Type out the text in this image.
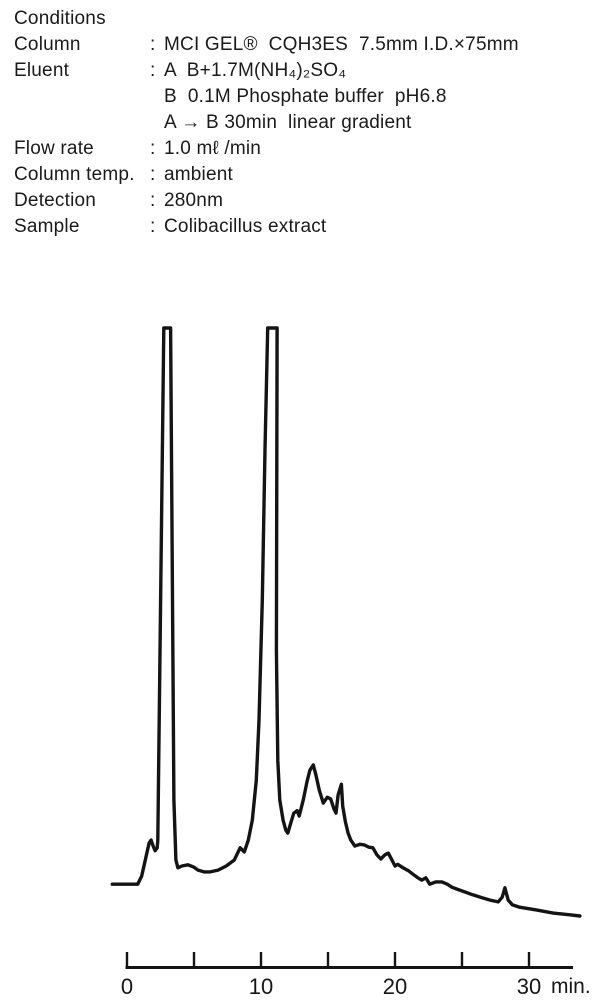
Conditions
Column	: MCI GEL®  CQH3ES  7.5mm I.D.×75mm
Eluent	: A  B+1.7M(NH₄)₂SO₄
B  0.1M Phosphate buffer  pH6.8
A → B 30min  linear gradient
Flow rate	: 1.0 mℓ /min
Column temp. : ambient
Detection	: 280nm
Sample	: Colibacillus extract
0	10	20	30 min.
